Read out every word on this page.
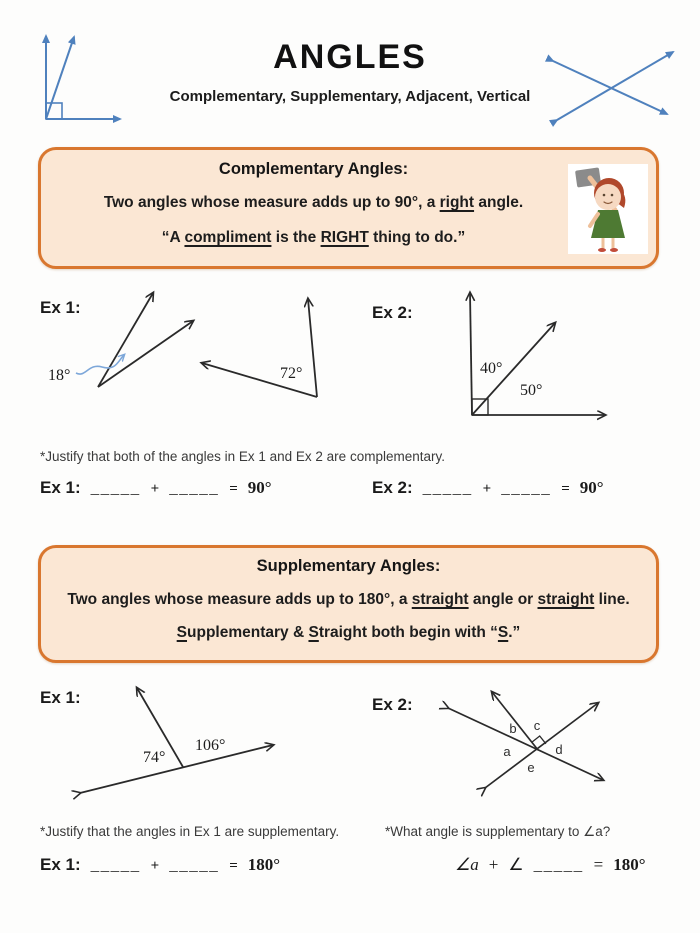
ANGLES
Complementary, Supplementary, Adjacent, Vertical
Complementary Angles:
Two angles whose measure adds up to 90°, a right angle.
“A compliment is the RIGHT thing to do.”
Ex 1:	Ex 2:
18°	72°	40°
50°
*Justify that both of the angles in Ex 1 and Ex 2 are complementary.
Ex 1: _____ + _____ = 90°	Ex 2: _____ + _____ = 90°
Supplementary Angles:
Two angles whose measure adds up to 180°, a straight angle or straight line.
Supplementary & Straight both begin with “S.”
Ex 1:	Ex 2:
74°
106°	a
b c
d
e
*Justify that the angles in Ex 1 are supplementary.	*What angle is supplementary to ∠a?
Ex 1: _____ + _____ = 180°	∠a + ∠ _____ = 180°
